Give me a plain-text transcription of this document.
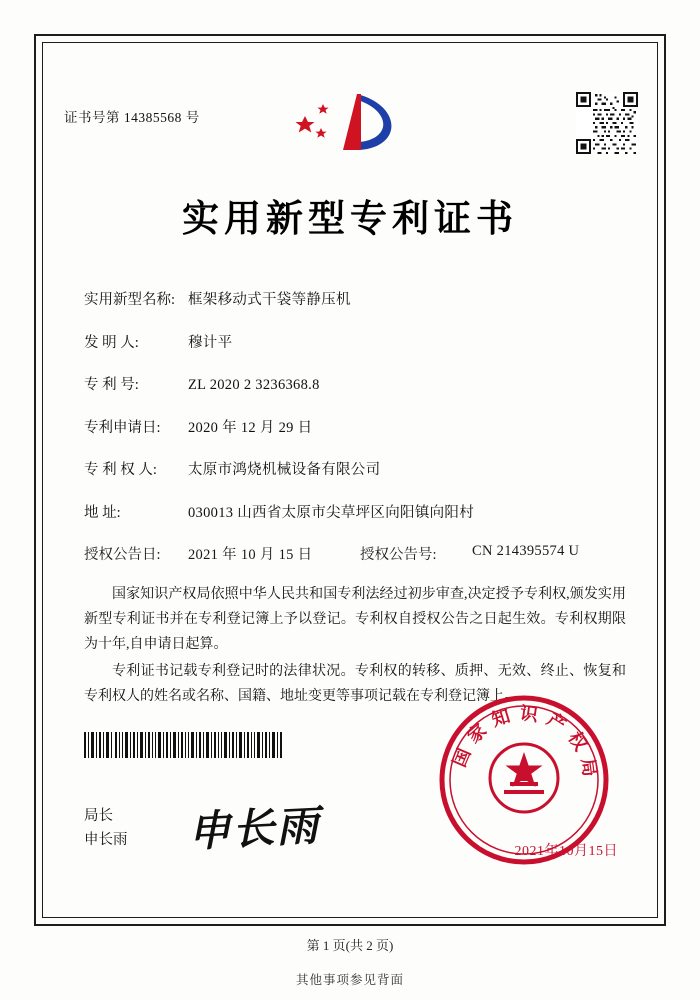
证书号第 14385568 号
实用新型专利证书
实用新型名称: 框架移动式干袋等静压机
发 明 人:	穆计平
专 利 号:	ZL 2020 2 3236368.8
专利申请日:	2020 年 12 月 29 日
专 利 权 人:	太原市鸿烧机械设备有限公司
地 址:	030013 山西省太原市尖草坪区向阳镇向阳村
授权公告日:	2021 年 10 月 15 日	授权公告号:	CN 214395574 U
国家知识产权局依照中华人民共和国专利法经过初步审查,决定授予专利权,颁发实用新型专利证书并在专利登记簿上予以登记。专利权自授权公告之日起生效。专利权期限为十年,自申请日起算。
专利证书记载专利登记时的法律状况。专利权的转移、质押、无效、终止、恢复和专利权人的姓名或名称、国籍、地址变更等事项记载在专利登记簿上。
局长
申长雨 申长雨
国家知识产权局
2021年10月15日
第 1 页(共 2 页)
其他事项参见背面
